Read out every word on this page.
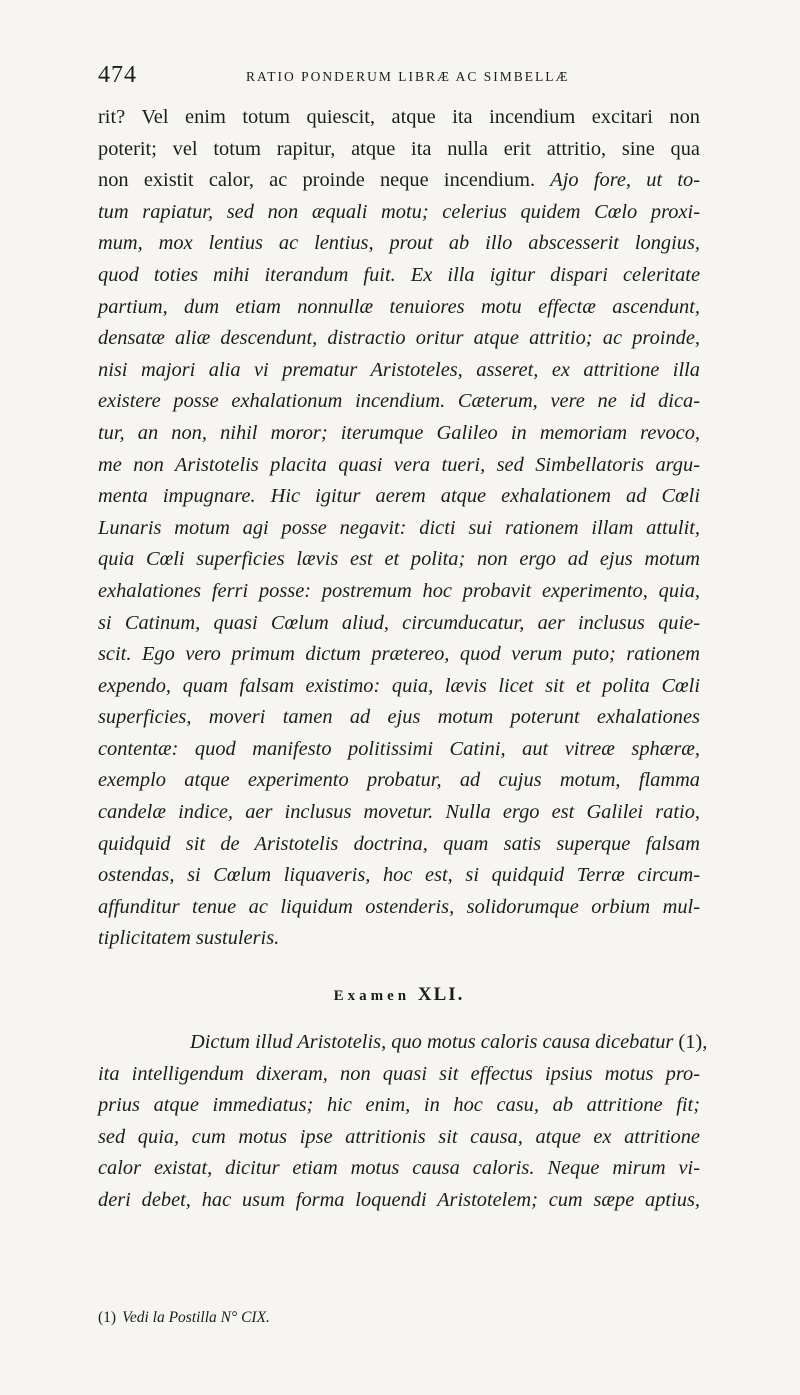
474	RATIO PONDERUM LIBRÆ AC SIMBELLÆ
rit? Vel enim totum quiescit, atque ita incendium excitari non
poterit; vel totum rapitur, atque ita nulla erit attritio, sine qua
non existit calor, ac proinde neque incendium. Ajo fore, ut to-
tum rapiatur, sed non æquali motu; celerius quidem Cœlo proxi-
mum, mox lentius ac lentius, prout ab illo abscesserit longius,
quod toties mihi iterandum fuit. Ex illa igitur dispari celeritate
partium, dum etiam nonnullæ tenuiores motu effectæ ascendunt,
densatæ aliæ descendunt, distractio oritur atque attritio; ac proinde,
nisi majori alia vi prematur Aristoteles, asseret, ex attritione illa
existere posse exhalationum incendium. Cæterum, vere ne id dica-
tur, an non, nihil moror; iterumque Galileo in memoriam revoco,
me non Aristotelis placita quasi vera tueri, sed Simbellatoris argu-
menta impugnare. Hic igitur aerem atque exhalationem ad Cœli
Lunaris motum agi posse negavit: dicti sui rationem illam attulit,
quia Cœli superficies lævis est et polita; non ergo ad ejus motum
exhalationes ferri posse: postremum hoc probavit experimento, quia,
si Catinum, quasi Cœlum aliud, circumducatur, aer inclusus quie-
scit. Ego vero primum dictum prætereo, quod verum puto; rationem
expendo, quam falsam existimo: quia, lævis licet sit et polita Cœli
superficies, moveri tamen ad ejus motum poterunt exhalationes
contentæ: quod manifesto politissimi Catini, aut vitreæ sphæræ,
exemplo atque experimento probatur, ad cujus motum, flamma
candelæ indice, aer inclusus movetur. Nulla ergo est Galilei ratio,
quidquid sit de Aristotelis doctrina, quam satis superque falsam
ostendas, si Cœlum liquaveris, hoc est, si quidquid Terræ circum-
affunditur tenue ac liquidum ostenderis, solidorumque orbium mul-
tiplicitatem sustuleris.
Examen XLI.
Dictum illud Aristotelis, quo motus caloris causa dicebatur (1),
ita intelligendum dixeram, non quasi sit effectus ipsius motus pro-
prius atque immediatus; hic enim, in hoc casu, ab attritione fit;
sed quia, cum motus ipse attritionis sit causa, atque ex attritione
calor existat, dicitur etiam motus causa caloris. Neque mirum vi-
deri debet, hac usum forma loquendi Aristotelem; cum sæpe aptius,
(1) Vedi la Postilla N° CIX.
